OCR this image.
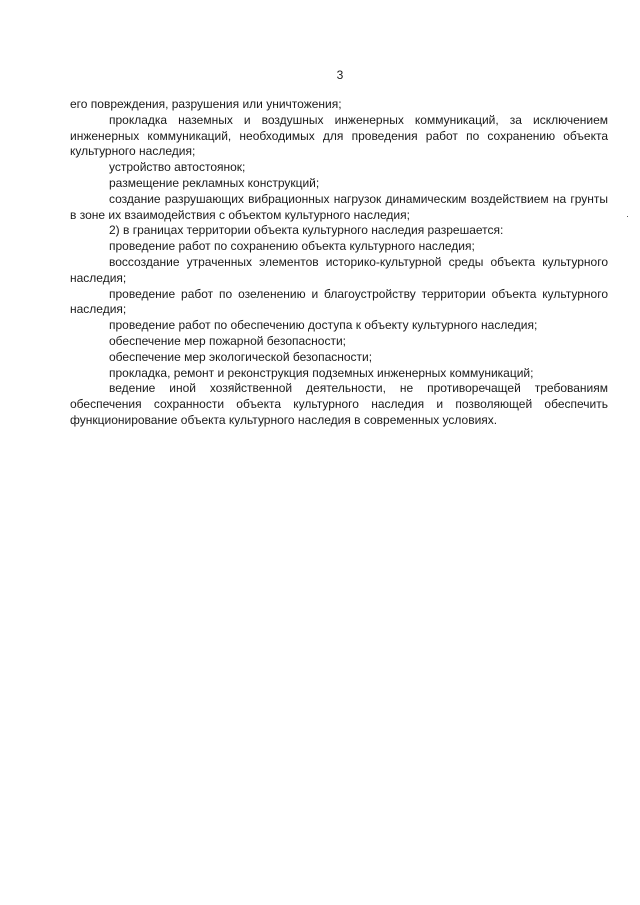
3

его повреждения, разрушения или уничтожения;

прокладка наземных и воздушных инженерных коммуникаций, за исключением инженерных коммуникаций, необходимых для проведения работ по сохранению объекта культурного наследия;

устройство автостоянок;

размещение рекламных конструкций;

создание разрушающих вибрационных нагрузок динамическим воздействием на грунты в зоне их взаимодействия с объектом культурного наследия;

2) в границах территории объекта культурного наследия разрешается:

проведение работ по сохранению объекта культурного наследия;

воссоздание утраченных элементов историко-культурной среды объекта культурного наследия;

проведение работ по озеленению и благоустройству территории объекта культурного наследия;

проведение работ по обеспечению доступа к объекту культурного наследия;

обеспечение мер пожарной безопасности;

обеспечение мер экологической безопасности;

прокладка, ремонт и реконструкция подземных инженерных коммуникаций;

ведение иной хозяйственной деятельности, не противоречащей требованиям обеспечения сохранности объекта культурного наследия и позволяющей обеспечить функционирование объекта культурного наследия в современных условиях.
